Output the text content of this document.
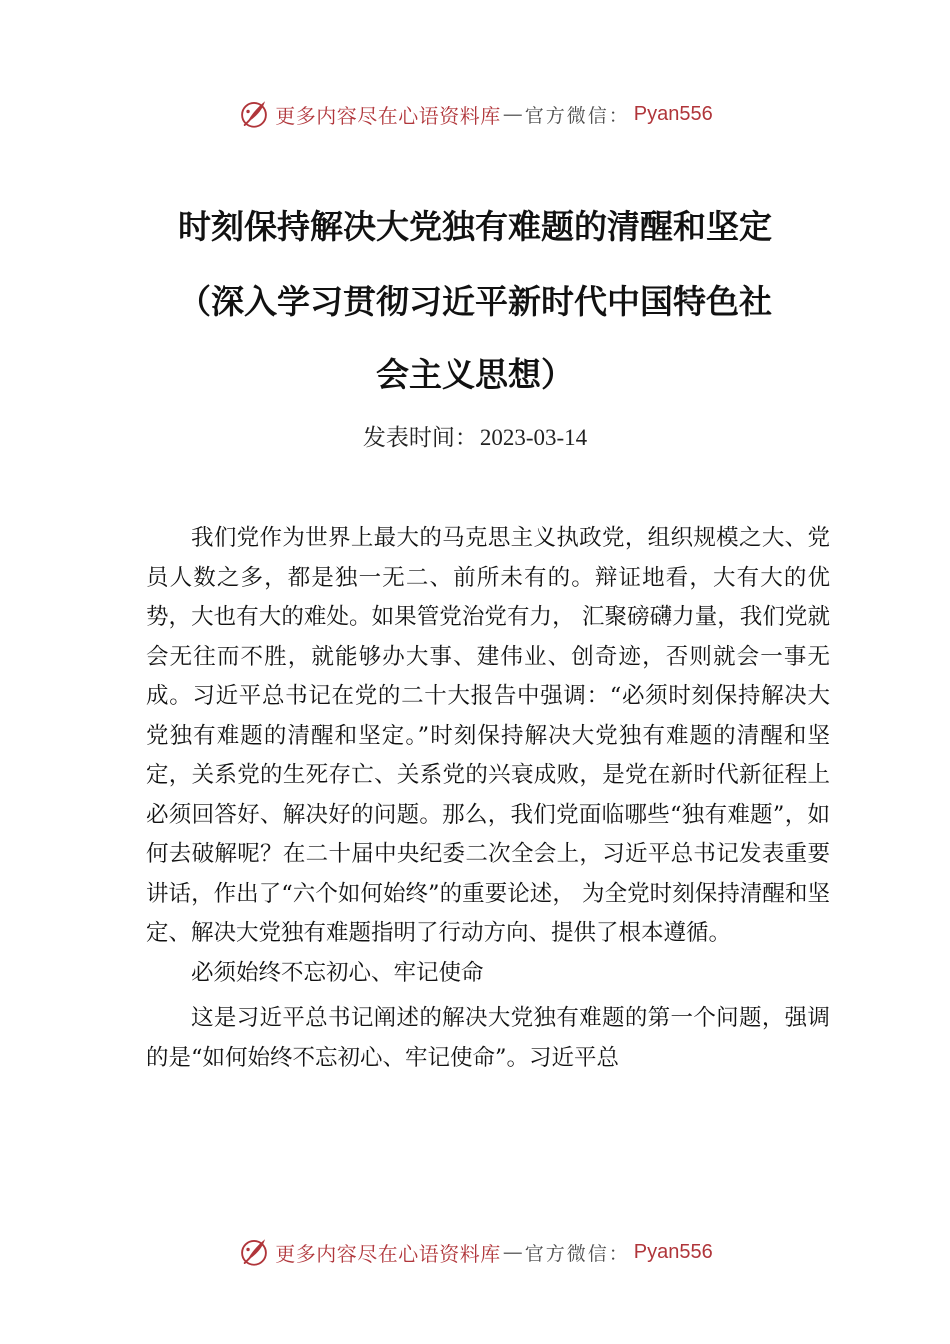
更多内容尽在心语资料库 — 官方微信： Pyan556
时刻保持解决大党独有难题的清醒和坚定
（深入学习贯彻习近平新时代中国特色社
会主义思想）
发表时间：2023-03-14

我们党作为世界上最大的马克思主义执政党，组织规模之大、党员人数之多，都是独一无二、前所未有的。辩证地看，大有大的优势，大也有大的难处。如果管党治党有力， 汇聚磅礴力量，我们党就会无往而不胜，就能够办大事、建伟业、创奇迹，否则就会一事无成。习近平总书记在党的二十大报告中强调：“必须时刻保持解决大党独有难题的清醒和坚定。”时刻保持解决大党独有难题的清醒和坚定，关系党的生死存亡、关系党的兴衰成败，是党在新时代新征程上必须回答好、解决好的问题。那么，我们党面临哪些“独有难题”，如何去破解呢？在二十届中央纪委二次全会上，习近平总书记发表重要讲话，作出了“六个如何始终”的重要论述， 为全党时刻保持清醒和坚定、解决大党独有难题指明了行动方向、提供了根本遵循。

必须始终不忘初心、牢记使命

这是习近平总书记阐述的解决大党独有难题的第一个问题，强调的是“如何始终不忘初心、牢记使命”。习近平总

更多内容尽在心语资料库 — 官方微信： Pyan556
